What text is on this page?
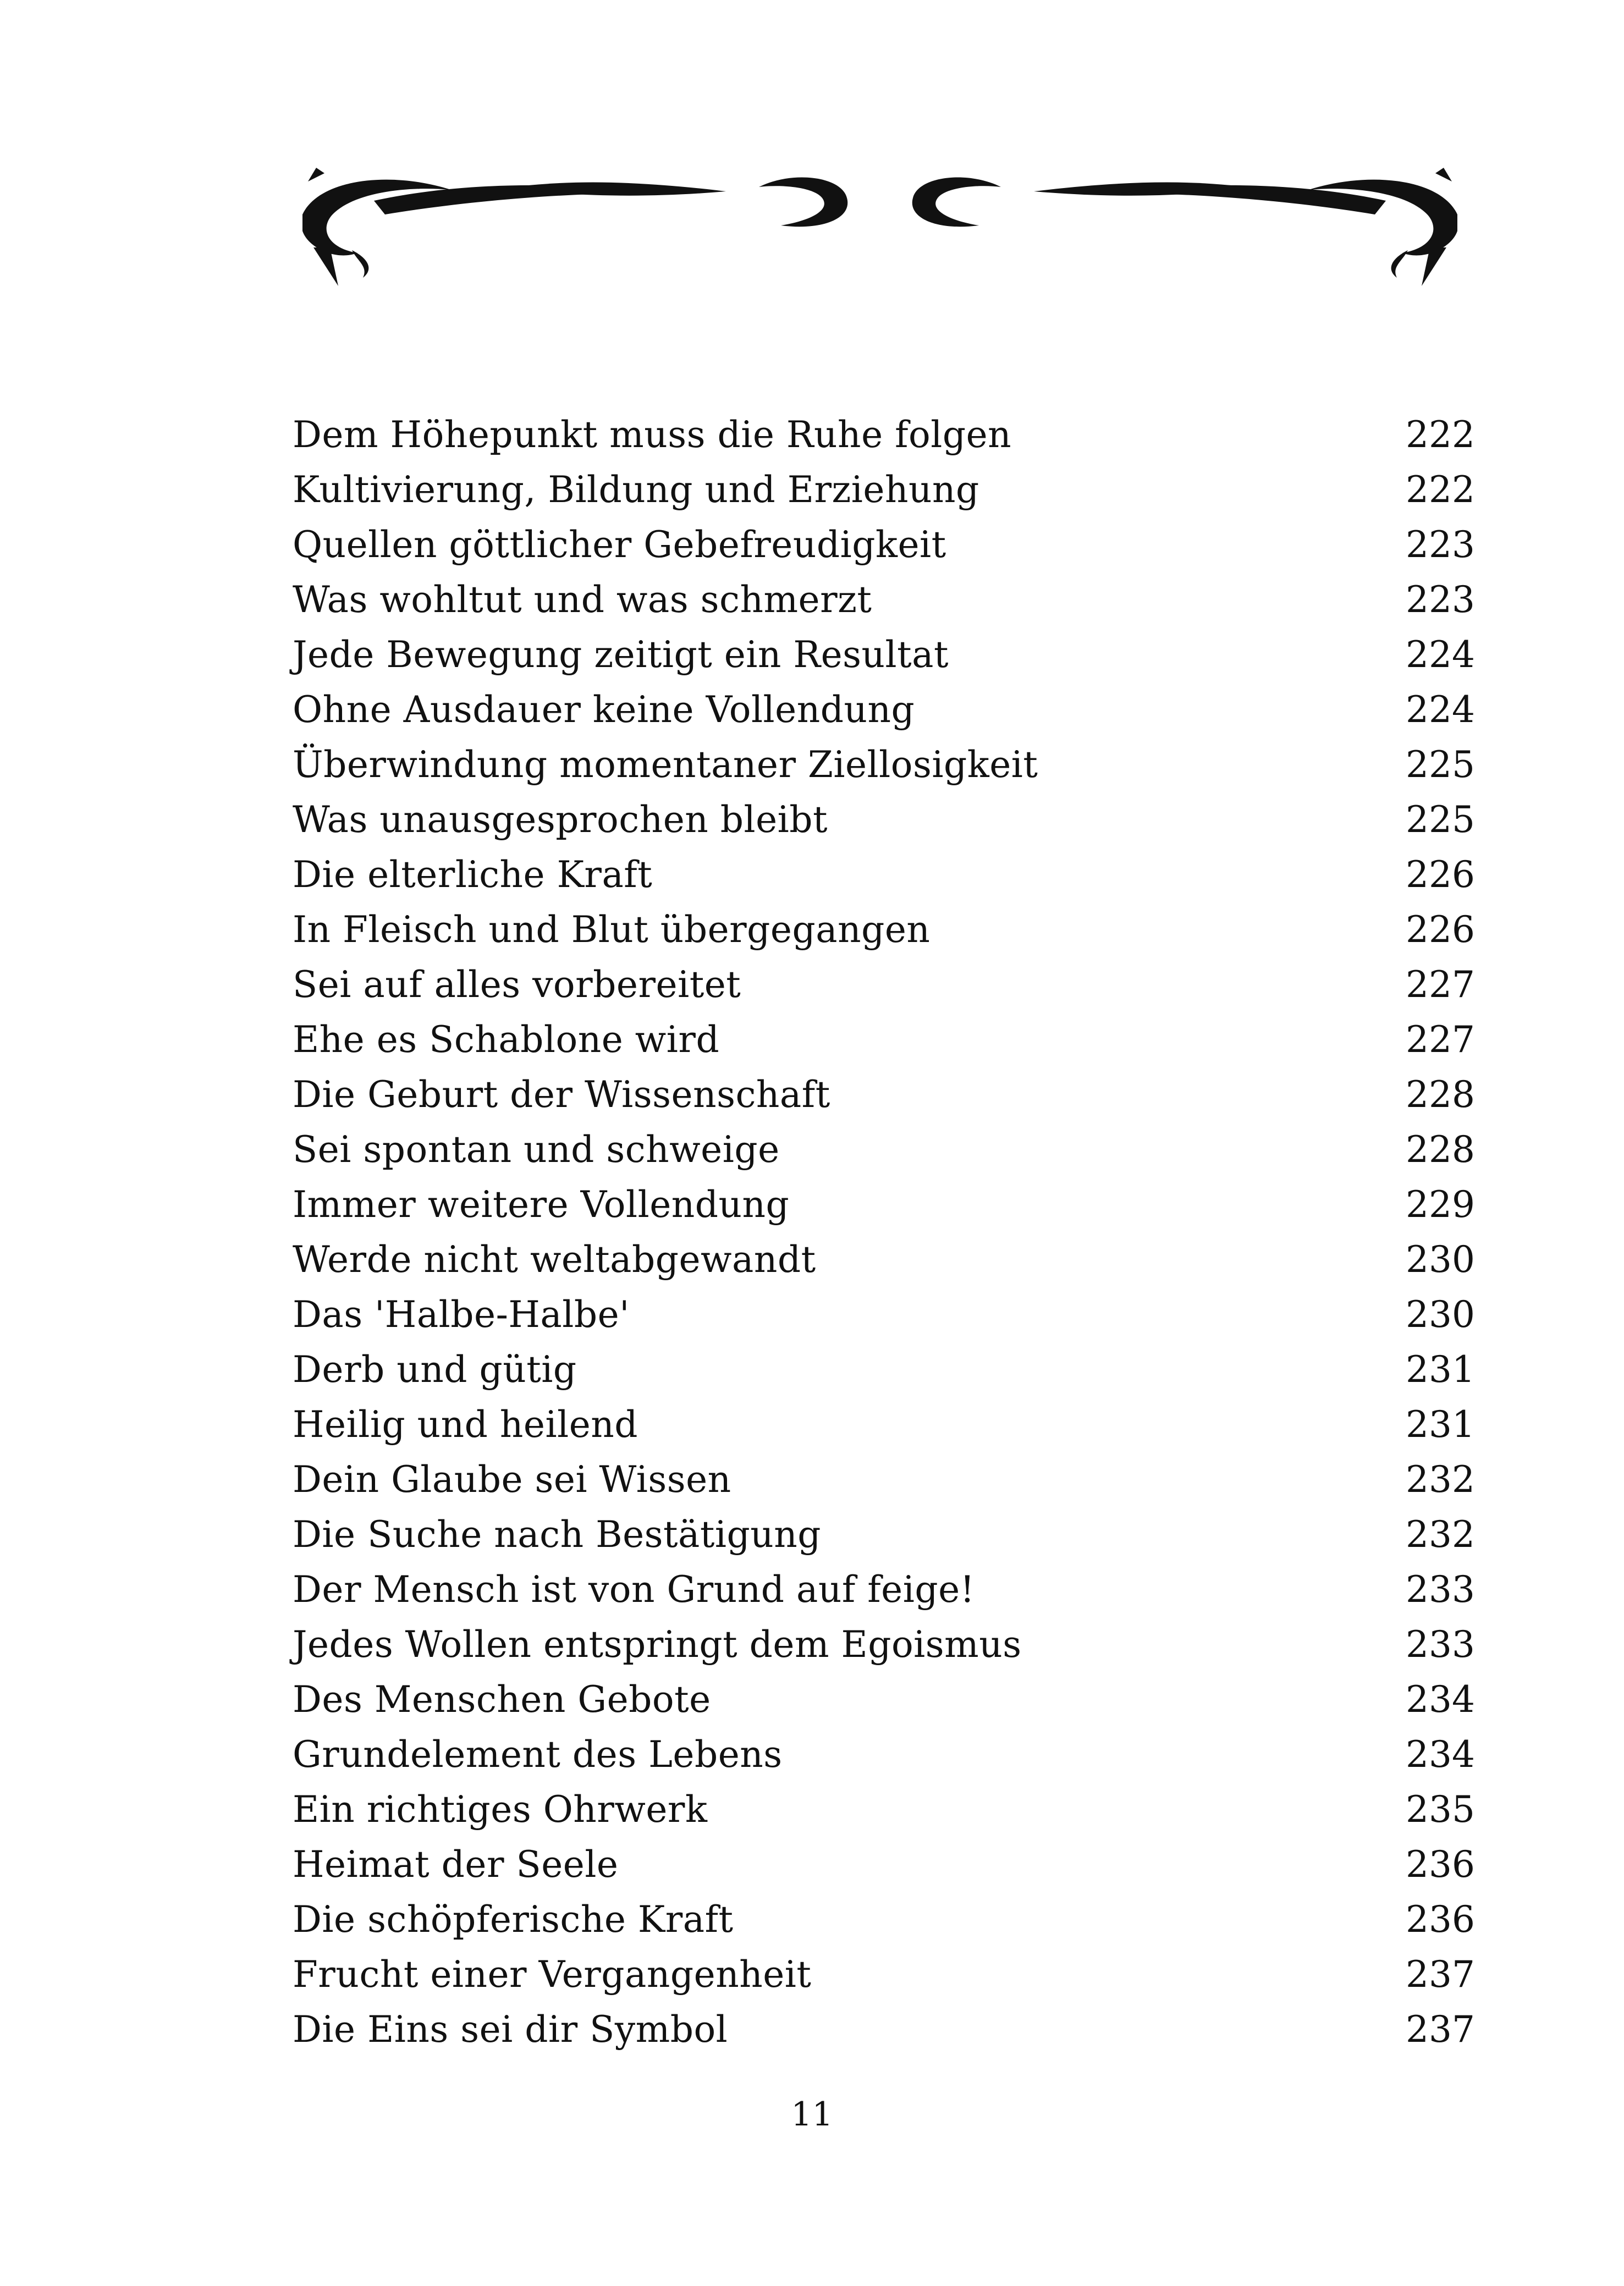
Dem Höhepunkt muss die Ruhe folgen	222
Kultivierung, Bildung und Erziehung	222
Quellen göttlicher Gebefreudigkeit	223
Was wohltut und was schmerzt	223
Jede Bewegung zeitigt ein Resultat	224
Ohne Ausdauer keine Vollendung	224
Überwindung momentaner Ziellosigkeit	225
Was unausgesprochen bleibt	225
Die elterliche Kraft	226
In Fleisch und Blut übergegangen	226
Sei auf alles vorbereitet	227
Ehe es Schablone wird	227
Die Geburt der Wissenschaft	228
Sei spontan und schweige	228
Immer weitere Vollendung	229
Werde nicht weltabgewandt	230
Das 'Halbe-Halbe'	230
Derb und gütig	231
Heilig und heilend	231
Dein Glaube sei Wissen	232
Die Suche nach Bestätigung	232
Der Mensch ist von Grund auf feige!	233
Jedes Wollen entspringt dem Egoismus	233
Des Menschen Gebote	234
Grundelement des Lebens	234
Ein richtiges Ohrwerk	235
Heimat der Seele	236
Die schöpferische Kraft	236
Frucht einer Vergangenheit	237
Die Eins sei dir Symbol	237
11
